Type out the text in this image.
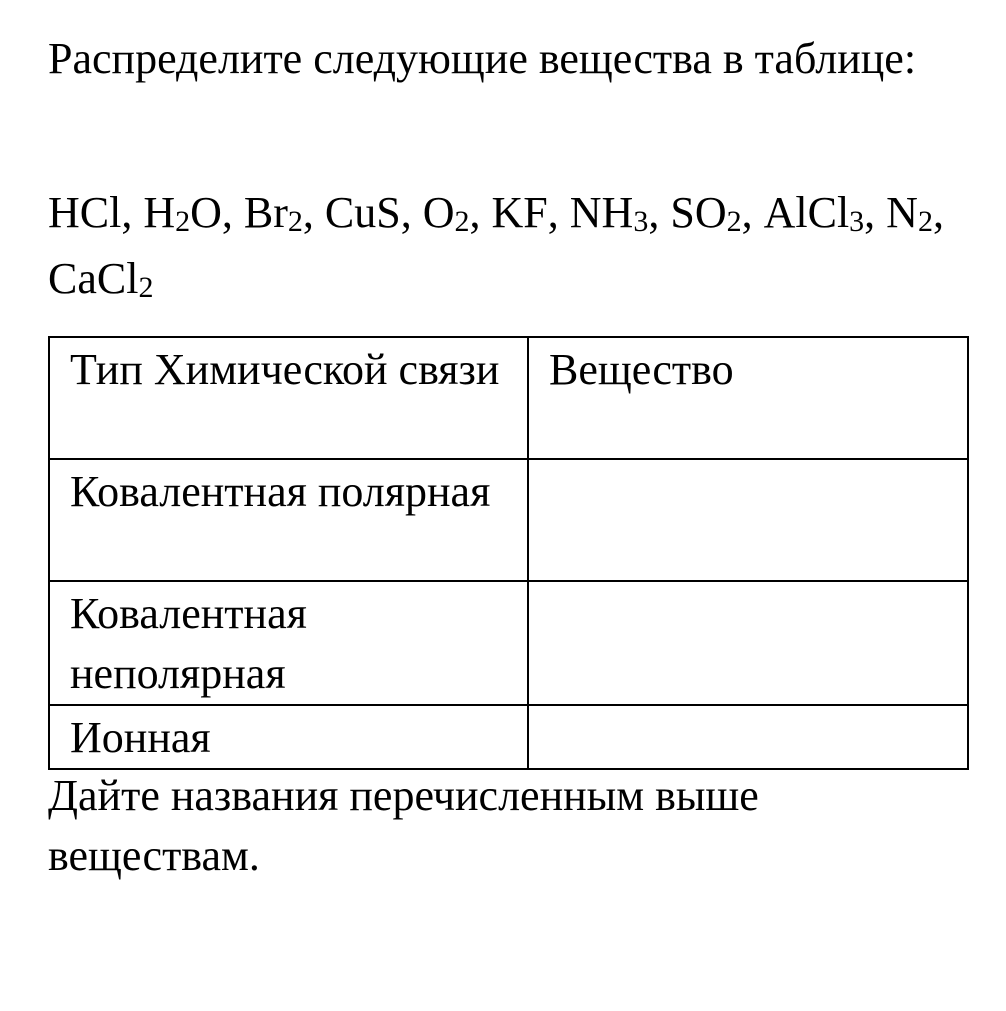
Распределите следующие вещества в таблице:

HCl, $H_2O$, $Br_2$, CuS, $O_2$, KF, $NH_3$, $SO_2$, AlCl$_3$, $N_2$, CaCl$_2$

Тип Химической связи	Вещество
Ковалентная полярная	
Ковалентная неполярная	
Ионная	

Дайте названия перечисленным выше веществам.
